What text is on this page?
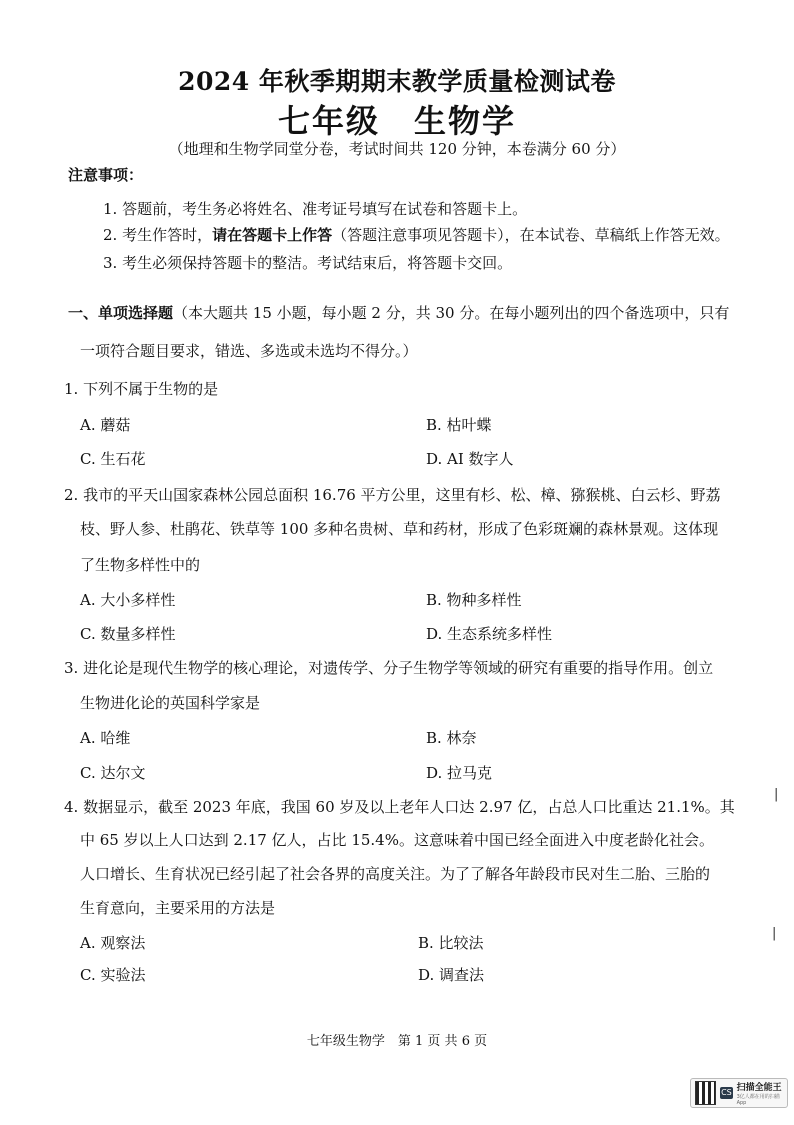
2024 年秋季期期末教学质量检测试卷
七年级　生物学
（地理和生物学同堂分卷，考试时间共 120 分钟，本卷满分 60 分）
注意事项：
1. 答题前，考生务必将姓名、准考证号填写在试卷和答题卡上。
2. 考生作答时，请在答题卡上作答（答题注意事项见答题卡），在本试卷、草稿纸上作答无效。
3. 考生必须保持答题卡的整洁。考试结束后，将答题卡交回。
一、单项选择题（本大题共 15 小题，每小题 2 分，共 30 分。在每小题列出的四个备选项中，只有
一项符合题目要求，错选、多选或未选均不得分。）
1. 下列不属于生物的是
A. 蘑菇	B. 枯叶蝶
C. 生石花	D. AI 数字人
2. 我市的平天山国家森林公园总面积 16.76 平方公里，这里有杉、松、樟、猕猴桃、白云杉、野荔
枝、野人参、杜鹃花、铁草等 100 多种名贵树、草和药材，形成了色彩斑斓的森林景观。这体现
了生物多样性中的
A. 大小多样性	B. 物种多样性
C. 数量多样性	D. 生态系统多样性
3. 进化论是现代生物学的核心理论，对遗传学、分子生物学等领域的研究有重要的指导作用。创立
生物进化论的英国科学家是
A. 哈维	B. 林奈
C. 达尔文	D. 拉马克
4. 数据显示，截至 2023 年底，我国 60 岁及以上老年人口达 2.97 亿，占总人口比重达 21.1%。其
中 65 岁以上人口达到 2.17 亿人，占比 15.4%。这意味着中国已经全面进入中度老龄化社会。
人口增长、生育状况已经引起了社会各界的高度关注。为了了解各年龄段市民对生二胎、三胎的
生育意向，主要采用的方法是
A. 观察法	B. 比较法
C. 实验法	D. 调查法
|
|
七年级生物学　第 1 页 共 6 页
CS 扫描全能王
3亿人都在用的扫描App
